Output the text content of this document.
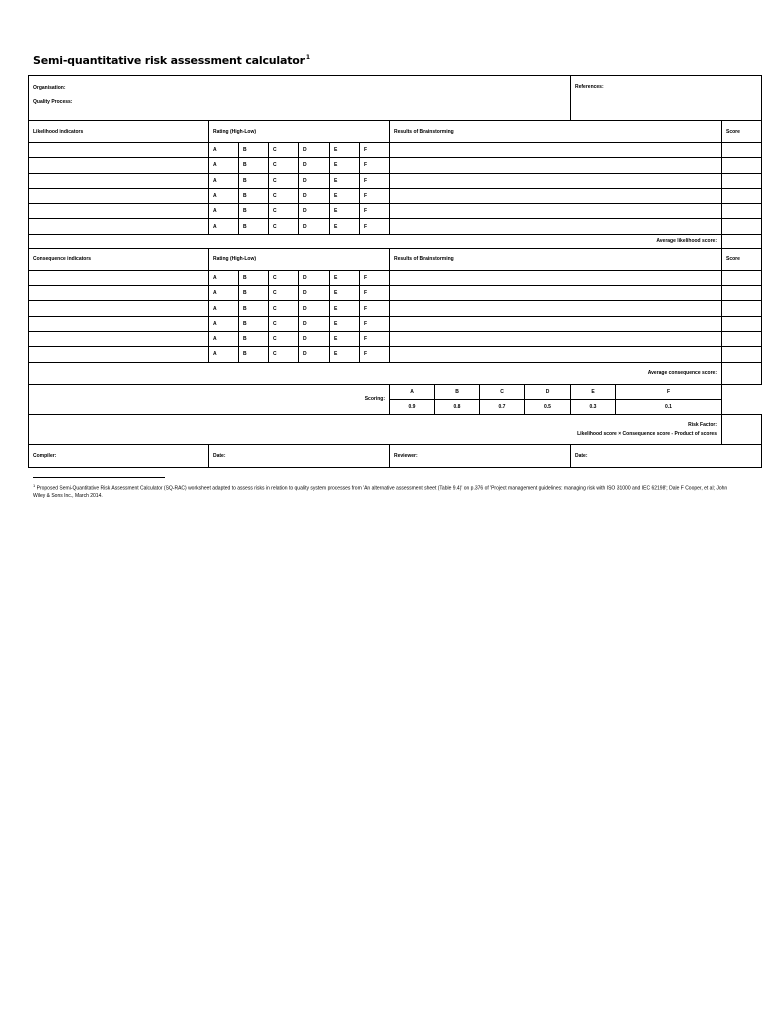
Semi-quantitative risk assessment calculator$^1$
Organisation:
Quality Process:											References:		
Likelihood indicators	Rating (High-Low)						Results of Brainstorming						Score
	A	B	C	D	E	F							
	A	B	C	D	E	F							
	A	B	C	D	E	F							
	A	B	C	D	E	F							
	A	B	C	D	E	F							
	A	B	C	D	E	F							
Average likelihood score:													
Consequence indicators	Rating (High-Low)						Results of Brainstorming						Score
	A	B	C	D	E	F							
	A	B	C	D	E	F							
	A	B	C	D	E	F							
	A	B	C	D	E	F							
	A	B	C	D	E	F							
	A	B	C	D	E	F							
Average consequence score:													
Scoring:							A	B	C	D	E	F	
							0.9	0.8	0.7	0.5	0.3	0.1	

Risk Factor:
Likelihood score × Consequence score - Product of scores													

Compiler:	Date:						Reviewer:				Date:		
$^1$ Proposed Semi-Quantitative Risk Assessment Calculator (SQ-RAC) worksheet adapted to assess risks in relation to quality system processes from 'An alternative assessment sheet (Table 9.4)' on p.376 of 'Project management guidelines: managing risk with ISO 31000 and IEC 62198'; Dale F Cooper, et al; John Wiley & Sons Inc., March 2014.
